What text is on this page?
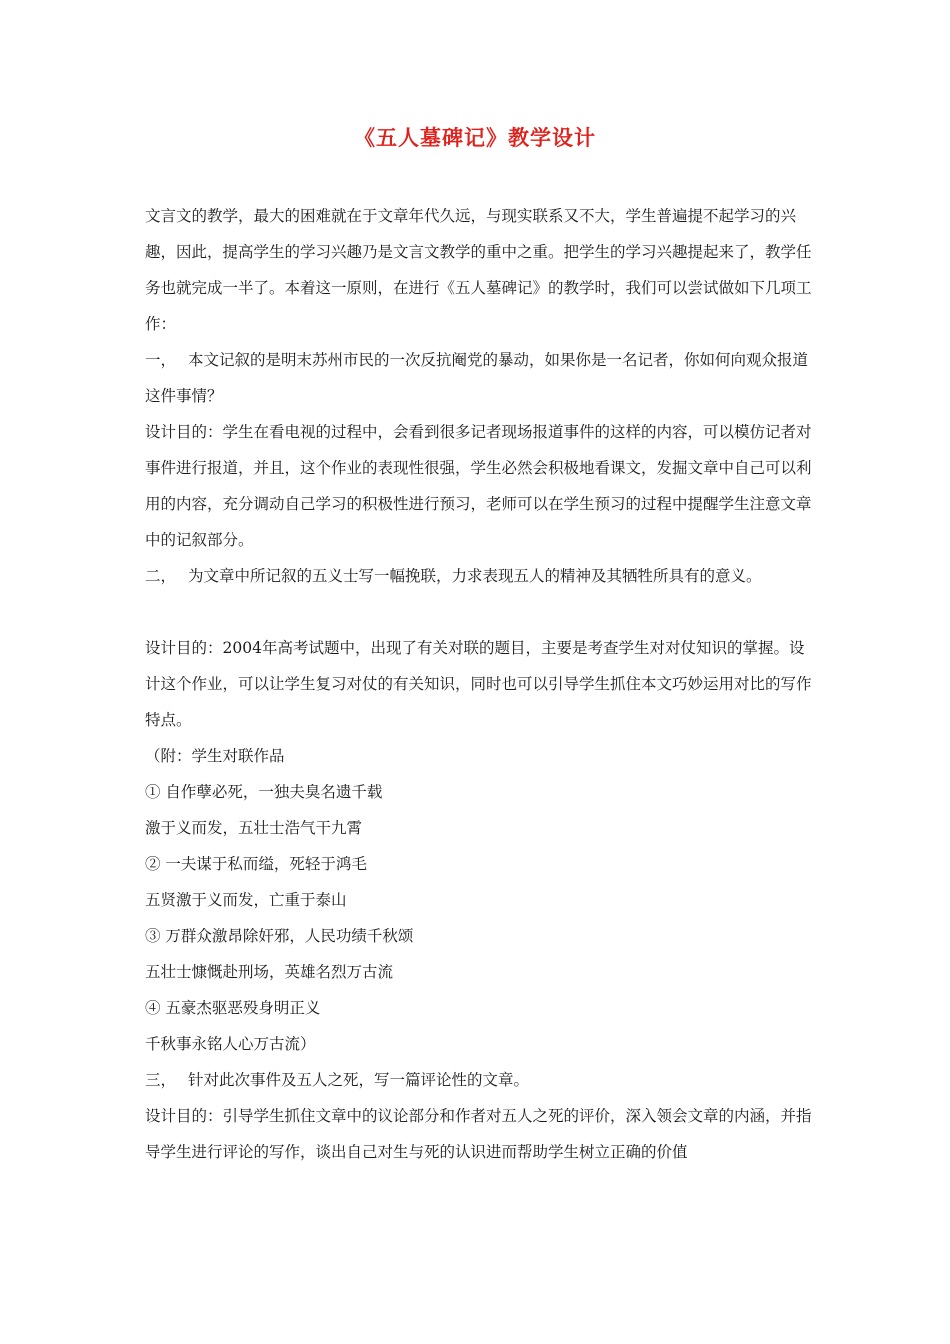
《五人墓碑记》教学设计

文言文的教学，最大的困难就在于文章年代久远，与现实联系又不大，学生普遍提不起学习的兴趣，因此，提高学生的学习兴趣乃是文言文教学的重中之重。把学生的学习兴趣提起来了，教学任务也就完成一半了。本着这一原则，在进行《五人墓碑记》的教学时，我们可以尝试做如下几项工作：

一， 本文记叙的是明末苏州市民的一次反抗阉党的暴动，如果你是一名记者，你如何向观众报道这件事情？

设计目的：学生在看电视的过程中，会看到很多记者现场报道事件的这样的内容，可以模仿记者对事件进行报道，并且，这个作业的表现性很强，学生必然会积极地看课文，发掘文章中自己可以利用的内容，充分调动自己学习的积极性进行预习，老师可以在学生预习的过程中提醒学生注意文章中的记叙部分。

二， 为文章中所记叙的五义士写一幅挽联，力求表现五人的精神及其牺牲所具有的意义。

设计目的：2004年高考试题中，出现了有关对联的题目，主要是考查学生对对仗知识的掌握。设计这个作业，可以让学生复习对仗的有关知识，同时也可以引导学生抓住本文巧妙运用对比的写作特点。

（附：学生对联作品

① 自作孽必死，一独夫臭名遗千载

激于义而发，五壮士浩气干九霄

② 一夫谋于私而缢，死轻于鸿毛

五贤激于义而发，亡重于泰山

③ 万群众激昂除奸邪，人民功绩千秋颂

五壮士慷慨赴刑场，英雄名烈万古流

④ 五豪杰驱恶殁身明正义

千秋事永铭人心万古流）

三， 针对此次事件及五人之死，写一篇评论性的文章。

设计目的：引导学生抓住文章中的议论部分和作者对五人之死的评价，深入领会文章的内涵，并指导学生进行评论的写作，谈出自己对生与死的认识进而帮助学生树立正确的价值
